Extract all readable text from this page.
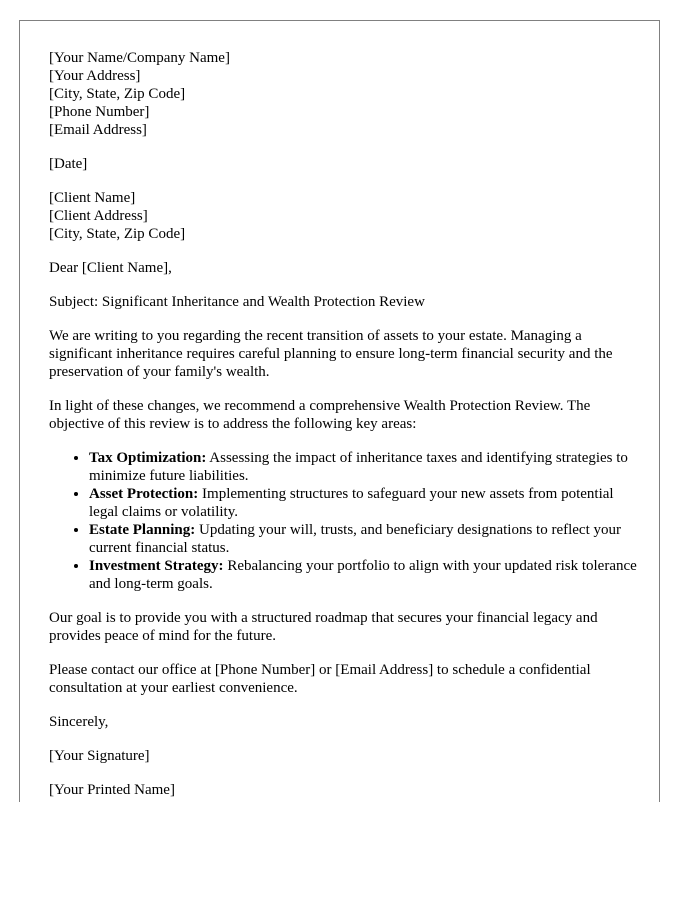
[Your Name/Company Name]
[Your Address]
[City, State, Zip Code]
[Phone Number]
[Email Address]
[Date]
[Client Name]
[Client Address]
[City, State, Zip Code]

Dear [Client Name],

Subject: Significant Inheritance and Wealth Protection Review

We are writing to you regarding the recent transition of assets to your estate. Managing a significant inheritance requires careful planning to ensure long-term financial security and the preservation of your family's wealth.

In light of these changes, we recommend a comprehensive Wealth Protection Review. The objective of this review is to address the following key areas:

• Tax Optimization: Assessing the impact of inheritance taxes and identifying strategies to minimize future liabilities.
• Asset Protection: Implementing structures to safeguard your new assets from potential legal claims or volatility.
• Estate Planning: Updating your will, trusts, and beneficiary designations to reflect your current financial status.
• Investment Strategy: Rebalancing your portfolio to align with your updated risk tolerance and long-term goals.

Our goal is to provide you with a structured roadmap that secures your financial legacy and provides peace of mind for the future.

Please contact our office at [Phone Number] or [Email Address] to schedule a confidential consultation at your earliest convenience.

Sincerely,

[Your Signature]

[Your Printed Name]
